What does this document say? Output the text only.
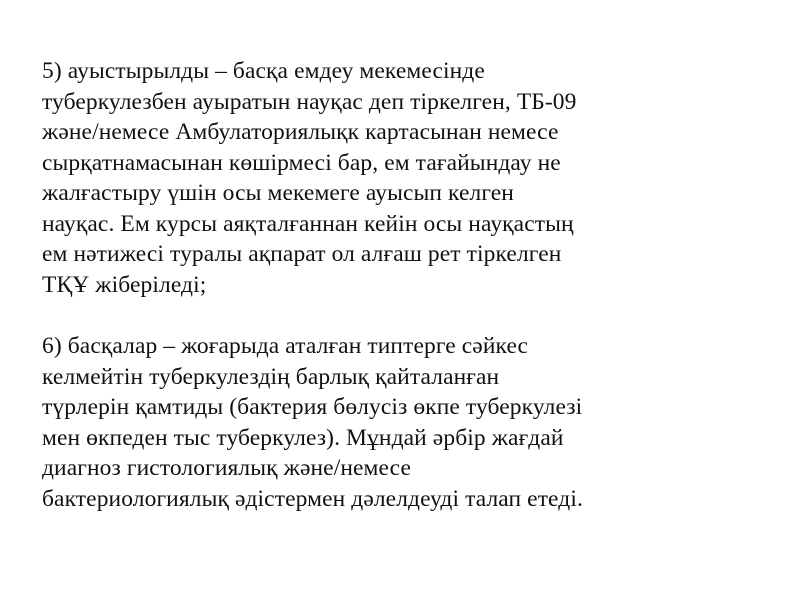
5) ауыстырылды – басқа емдеу мекемесінде
туберкулезбен ауыратын науқас деп тіркелген, ТБ-09
және/немесе Амбулаториялықк картасынан немесе
сырқатнамасынан көшірмесі бар, ем тағайындау не
жалғастыру үшін осы мекемеге ауысып келген
науқас. Ем курсы аяқталғаннан кейін осы науқастың
ем нәтижесі туралы ақпарат ол алғаш рет тіркелген
ТҚҰ жіберіледі;

6) басқалар – жоғарыда аталған типтерге сәйкес
келмейтін туберкулездің барлық қайталанған
түрлерін қамтиды (бактерия бөлусіз өкпе туберкулезі
мен өкпеден тыс туберкулез). Мұндай әрбір жағдай
диагноз гистологиялық және/немесе
бактериологиялық әдістермен дәлелдеуді талап етеді.
